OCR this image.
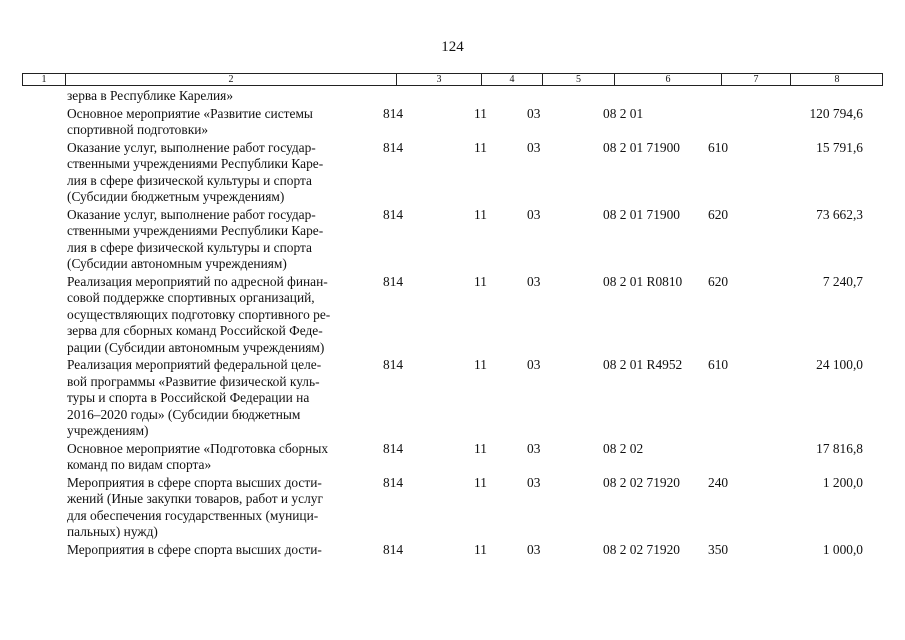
124
1	2	3	4	5	6	7	8
зерва в Республике Карелия»
Основное мероприятие «Развитие системы
спортивной подготовки»
814	11	03	08 2 01	120 794,6
Оказание услуг, выполнение работ государ-
ственными учреждениями Республики Каре-
лия в сфере физической культуры и спорта
(Субсидии бюджетным учреждениям)
814	11	03	08 2 01 71900 610	15 791,6
Оказание услуг, выполнение работ государ-
ственными учреждениями Республики Каре-
лия в сфере физической культуры и спорта
(Субсидии автономным учреждениям)
814	11	03	08 2 01 71900 620	73 662,3
Реализация мероприятий по адресной финан-
совой поддержке спортивных организаций,
осуществляющих подготовку спортивного ре-
зерва для сборных команд Российской Феде-
рации (Субсидии автономным учреждениям)
814	11	03	08 2 01 R0810 620	7 240,7
Реализация мероприятий федеральной целе-
вой программы «Развитие физической куль-
туры и спорта в Российской Федерации на
2016–2020 годы» (Субсидии бюджетным
учреждениям)
814	11	03	08 2 01 R4952 610	24 100,0
Основное мероприятие «Подготовка сборных
команд по видам спорта»
814	11	03	08 2 02	17 816,8
Мероприятия в сфере спорта высших дости-
жений (Иные закупки товаров, работ и услуг
для обеспечения государственных (муници-
пальных) нужд)
814	11	03	08 2 02 71920 240	1 200,0
Мероприятия в сфере спорта высших дости-	814	11	03	08 2 02 71920 350	1 000,0
